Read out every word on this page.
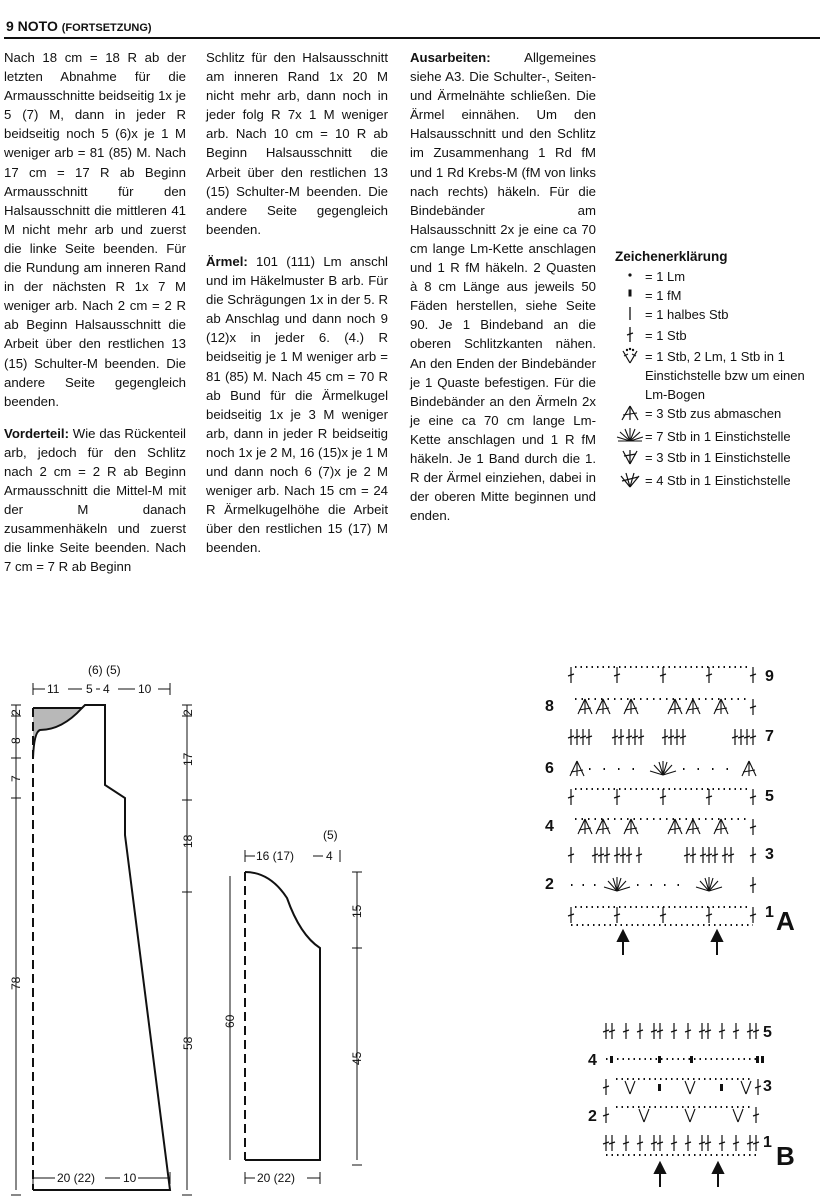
9 NOTO (FORTSETZUNG)

Nach 18 cm = 18 R ab der letzten Abnahme für die Armausschnitte beidseitig 1x je 5 (7) M, dann in jeder R beidseitig noch 5 (6)x je 1 M weniger arb = 81 (85) M. Nach 17 cm = 17 R ab Beginn Armausschnitt für den Halsausschnitt die mittleren 41 M nicht mehr arb und zuerst die linke Seite beenden. Für die Rundung am inneren Rand in der nächsten R 1x 7 M weniger arb. Nach 2 cm = 2 R ab Beginn Halsausschnitt die Arbeit über den restlichen 13 (15) Schulter-M beenden. Die andere Seite gegengleich beenden.

Vorderteil: Wie das Rückenteil arb, jedoch für den Schlitz nach 2 cm = 2 R ab Beginn Armausschnitt die Mittel-M mit der M danach zusammenhäkeln und zuerst die linke Seite beenden. Nach 7 cm = 7 R ab Beginn

Schlitz für den Halsausschnitt am inneren Rand 1x 20 M nicht mehr arb, dann noch in jeder folg R 7x 1 M weniger arb. Nach 10 cm = 10 R ab Beginn Halsausschnitt die Arbeit über den restlichen 13 (15) Schulter-M beenden. Die andere Seite gegengleich beenden.

Ärmel: 101 (111) Lm anschl und im Häkelmuster B arb. Für die Schrägungen 1x in der 5. R ab Anschlag und dann noch 9 (12)x in jeder 6. (4.) R beidseitig je 1 M weniger arb = 81 (85) M. Nach 45 cm = 70 R ab Bund für die Ärmelkugel beidseitig 1x je 3 M weniger arb, dann in jeder R beidseitig noch 1x je 2 M, 16 (15)x je 1 M und dann noch 6 (7)x je 2 M weniger arb. Nach 15 cm = 24 R Ärmelkugelhöhe die Arbeit über den restlichen 15 (17) M beenden.

Ausarbeiten: Allgemeines siehe A3. Die Schulter-, Seiten- und Ärmelnähte schließen. Die Ärmel einnähen. Um den Halsausschnitt und den Schlitz im Zusammenhang 1 Rd fM und 1 Rd Krebs-M (fM von links nach rechts) häkeln. Für die Bindebänder am Halsausschnitt 2x je eine ca 70 cm lange Lm-Kette anschlagen und 1 R fM häkeln. 2 Quasten à 8 cm Länge aus jeweils 50 Fäden herstellen, siehe Seite 90. Je 1 Bindeband an die oberen Schlitzkanten nähen. An den Enden der Bindebänder je 1 Quaste befestigen. Für die Bindebänder an den Ärmeln 2x je eine ca 70 cm lange Lm-Kette anschlagen und 1 R fM häkeln. Je 1 Band durch die 1. R der Ärmel einziehen, dabei in der oberen Mitte beginnen und enden.

Zeichenerklärung
= 1 Lm
= 1 fM
= 1 halbes Stb
= 1 Stb
= 1 Stb, 2 Lm, 1 Stb in 1 Einstichstelle bzw um einen Lm-Bogen
= 3 Stb zus abmaschen
= 7 Stb in 1 Einstichstelle
= 3 Stb in 1 Einstichstelle
= 4 Stb in 1 Einstichstelle
(6) (5)
11 5 4 10
2
8
7
78
2
17
18
58
20 (22) 10
(5)
16 (17)	4
60
15
45
20 (22)
9
8
7
6
5
4
3
2
1 A
5
4
3
2
1 B
